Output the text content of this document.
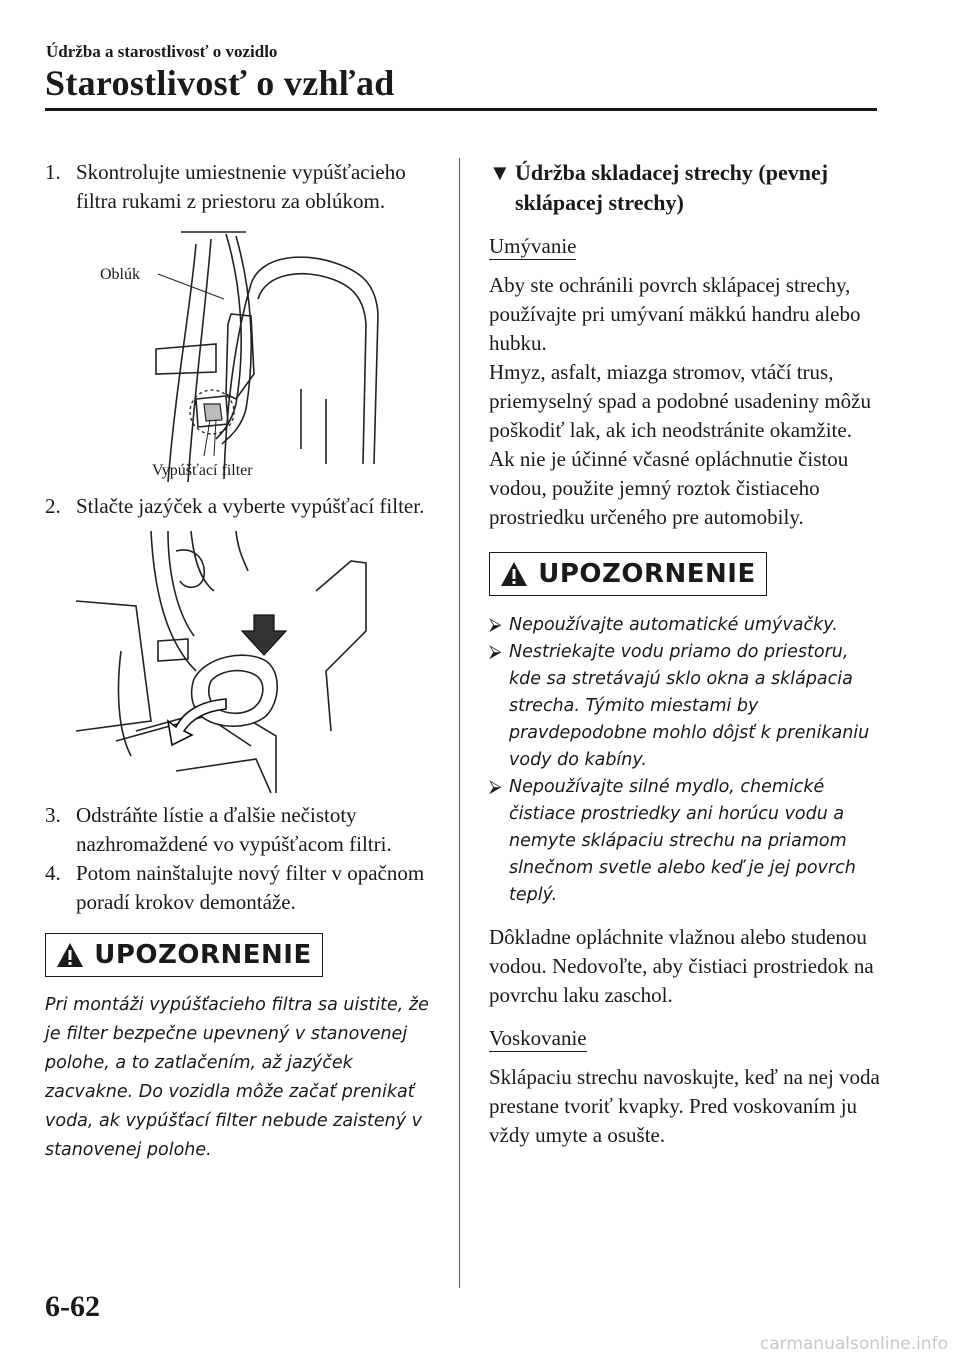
Údržba a starostlivosť o vozidlo
Starostlivosť o vzhľad
1. Skontrolujte umiestnenie vypúšťacieho filtra rukami z priestoru za oblúkom.
Oblúk
Vypúšťací filter
2. Stlačte jazýček a vyberte vypúšťací filter.
3. Odstráňte lístie a ďalšie nečistoty nazhromaždené vo vypúšťacom filtri.
4. Potom nainštalujte nový filter v opačnom poradí krokov demontáže.
UPOZORNENIE

Pri montáži vypúšťacieho filtra sa uistite, že je filter bezpečne upevnený v stanovenej polohe, a to zatlačením, až jazýček zacvakne. Do vozidla môže začať prenikať voda, ak vypúšťací filter nebude zaistený v stanovenej polohe.

▼ Údržba skladacej strechy (pevnej sklápacej strechy)
Umývanie

Aby ste ochránili povrch sklápacej strechy, používajte pri umývaní mäkkú handru alebo hubku.

Hmyz, asfalt, miazga stromov, vtáčí trus, priemyselný spad a podobné usadeniny môžu poškodiť lak, ak ich neodstránite okamžite. Ak nie je účinné včasné opláchnutie čistou vodou, použite jemný roztok čistiaceho prostriedku určeného pre automobily.

UPOZORNENIE
⮚ Nepoužívajte automatické umývačky.
⮚ Nestriekajte vodu priamo do priestoru, kde sa stretávajú sklo okna a sklápacia strecha. Týmito miestami by pravdepodobne mohlo dôjsť k prenikaniu vody do kabíny.
⮚ Nepoužívajte silné mydlo, chemické čistiace prostriedky ani horúcu vodu a nemyte sklápaciu strechu na priamom slnečnom svetle alebo keď je jej povrch teplý.

Dôkladne opláchnite vlažnou alebo studenou vodou. Nedovoľte, aby čistiaci prostriedok na povrchu laku zaschol.

Voskovanie

Sklápaciu strechu navoskujte, keď na nej voda prestane tvoriť kvapky. Pred voskovaním ju vždy umyte a osušte.

6-62
carmanualsonline.info
